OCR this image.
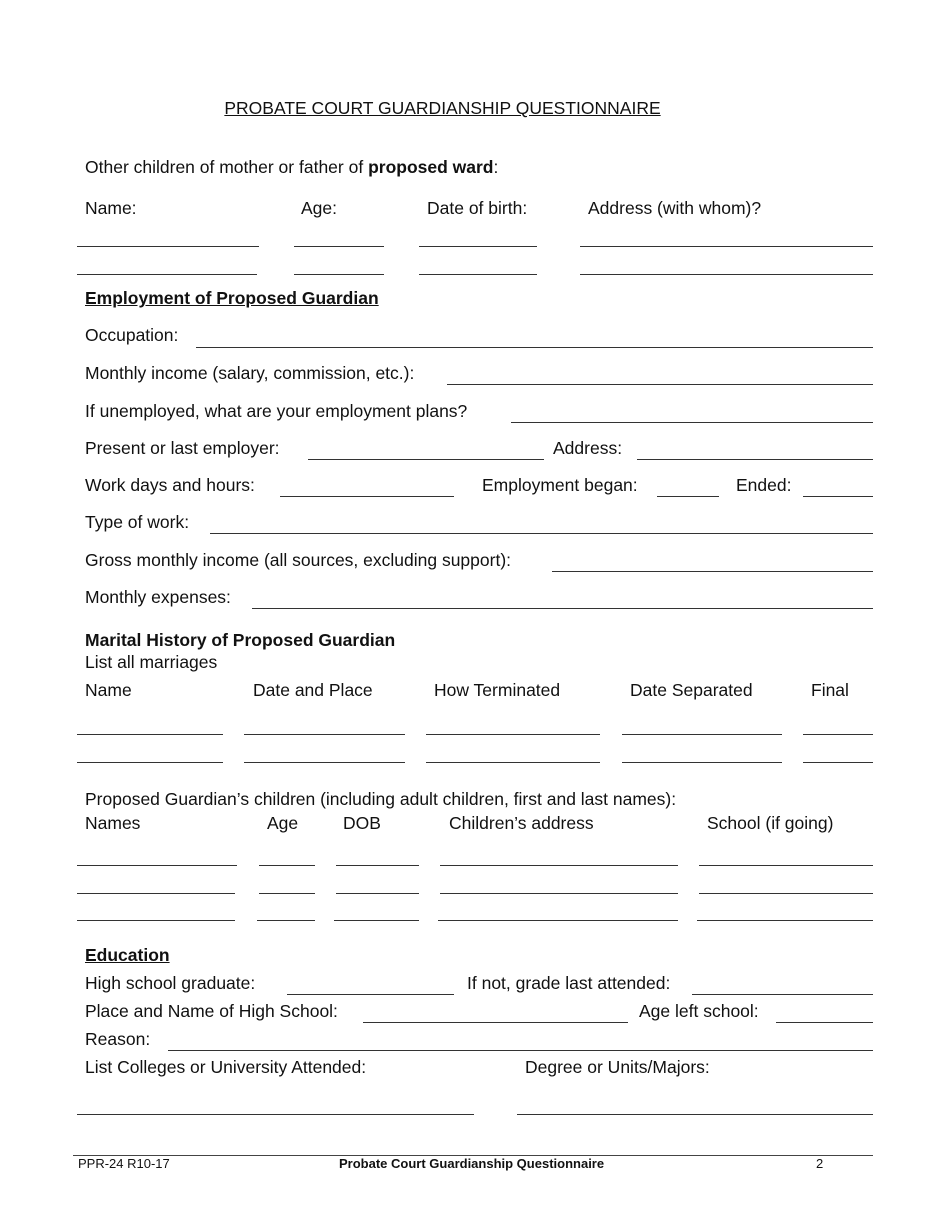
PROBATE COURT GUARDIANSHIP QUESTIONNAIRE
Other children of mother or father of proposed ward:
Name:	Age:	Date of birth:	Address (with whom)?
Employment of Proposed Guardian
Occupation:
Monthly income (salary, commission, etc.):
If unemployed, what are your employment plans?
Present or last employer:	Address:
Work days and hours:	Employment began:	Ended:
Type of work:
Gross monthly income (all sources, excluding support):
Monthly expenses:
Marital History of Proposed Guardian
List all marriages
Name	Date and Place	How Terminated	Date Separated	Final
Proposed Guardian’s children (including adult children, first and last names):
Names	Age	DOB	Children’s address	School (if going)
Education
High school graduate:	If not, grade last attended:
Place and Name of High School:	Age left school:
Reason:
List Colleges or University Attended:	Degree or Units/Majors:
PPR-24 R10-17	Probate Court Guardianship Questionnaire	2
